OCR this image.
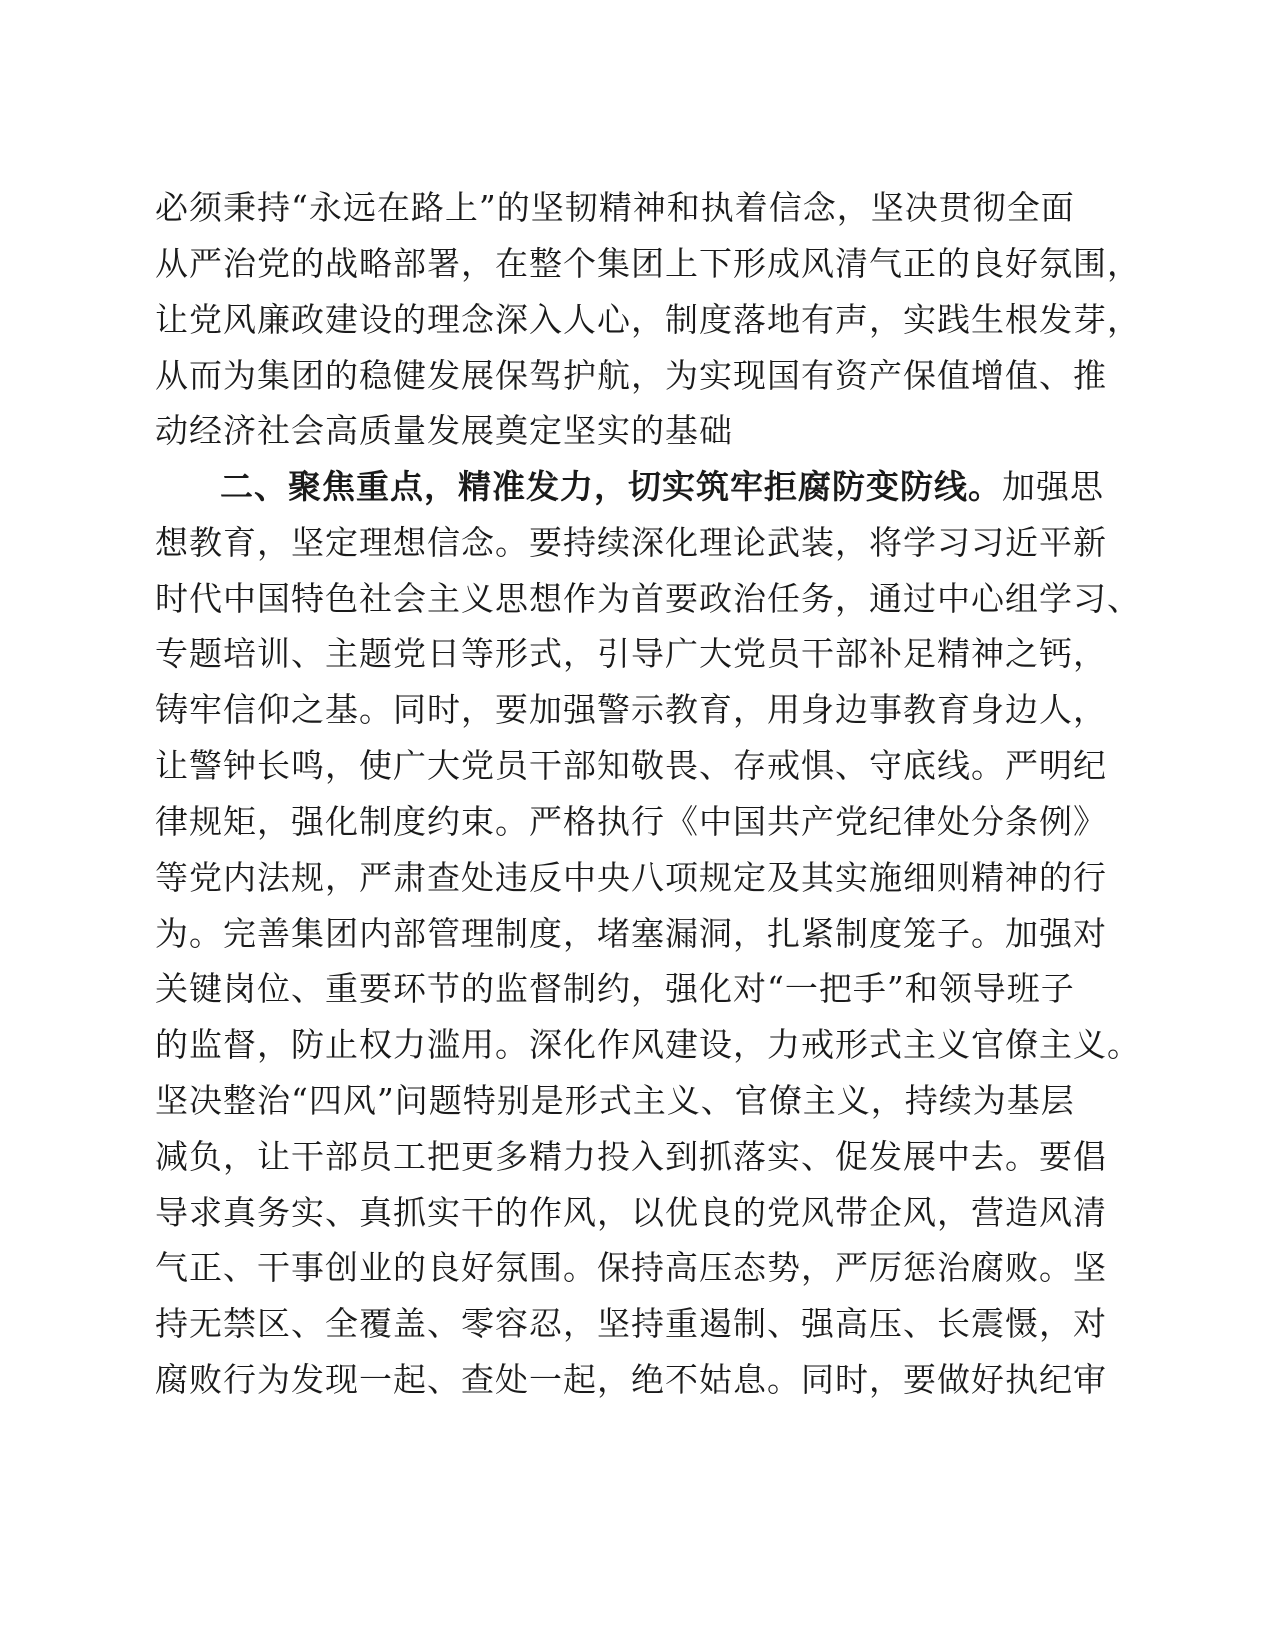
必须秉持“永远在路上”的坚韧精神和执着信念，坚决贯彻全面
从严治党的战略部署，在整个集团上下形成风清气正的良好氛围，
让党风廉政建设的理念深入人心，制度落地有声，实践生根发芽，
从而为集团的稳健发展保驾护航，为实现国有资产保值增值、推
动经济社会高质量发展奠定坚实的基础
二、聚焦重点，精准发力，切实筑牢拒腐防变防线。加强思
想教育，坚定理想信念。要持续深化理论武装，将学习习近平新
时代中国特色社会主义思想作为首要政治任务，通过中心组学习、
专题培训、主题党日等形式，引导广大党员干部补足精神之钙，
铸牢信仰之基。同时，要加强警示教育，用身边事教育身边人，
让警钟长鸣，使广大党员干部知敬畏、存戒惧、守底线。严明纪
律规矩，强化制度约束。严格执行《中国共产党纪律处分条例》
等党内法规，严肃查处违反中央八项规定及其实施细则精神的行
为。完善集团内部管理制度，堵塞漏洞，扎紧制度笼子。加强对
关键岗位、重要环节的监督制约，强化对“一把手”和领导班子
的监督，防止权力滥用。深化作风建设，力戒形式主义官僚主义。
坚决整治“四风”问题特别是形式主义、官僚主义，持续为基层
减负，让干部员工把更多精力投入到抓落实、促发展中去。要倡
导求真务实、真抓实干的作风，以优良的党风带企风，营造风清
气正、干事创业的良好氛围。保持高压态势，严厉惩治腐败。坚
持无禁区、全覆盖、零容忍，坚持重遏制、强高压、长震慑，对
腐败行为发现一起、查处一起，绝不姑息。同时，要做好执纪审
